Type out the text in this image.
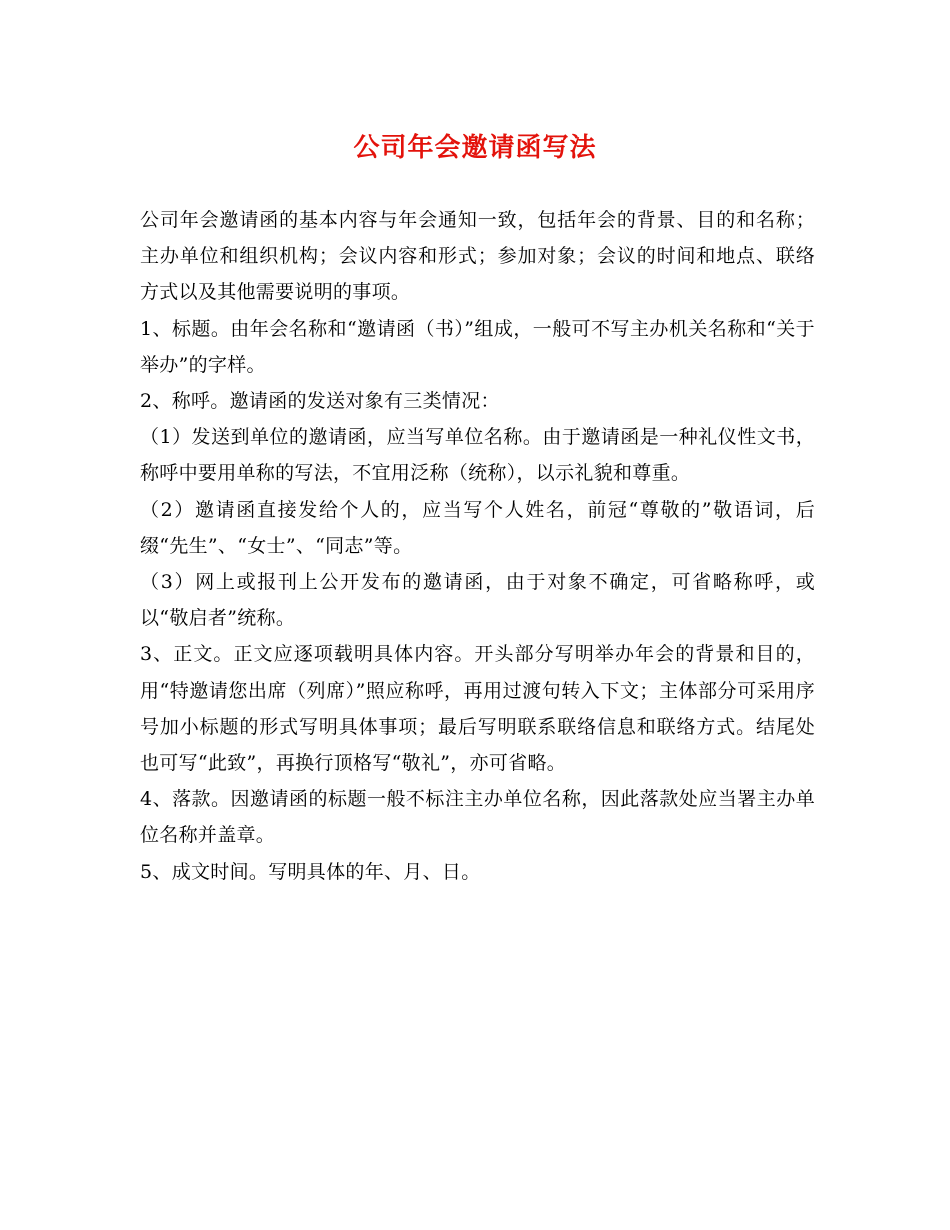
公司年会邀请函写法

公司年会邀请函的基本内容与年会通知一致，包括年会的背景、目的和名称；主办单位和组织机构；会议内容和形式；参加对象；会议的时间和地点、联络方式以及其他需要说明的事项。

1、标题。由年会名称和“邀请函（书）”组成，一般可不写主办机关名称和“关于举办”的字样。

2、称呼。邀请函的发送对象有三类情况：

（1）发送到单位的邀请函，应当写单位名称。由于邀请函是一种礼仪性文书，称呼中要用单称的写法，不宜用泛称（统称），以示礼貌和尊重。

（2）邀请函直接发给个人的，应当写个人姓名，前冠“尊敬的”敬语词，后缀“先生”、“女士”、“同志”等。

（3）网上或报刊上公开发布的邀请函，由于对象不确定，可省略称呼，或以“敬启者”统称。

3、正文。正文应逐项载明具体内容。开头部分写明举办年会的背景和目的，用“特邀请您出席（列席）”照应称呼，再用过渡句转入下文；主体部分可采用序号加小标题的形式写明具体事项；最后写明联系联络信息和联络方式。结尾处也可写“此致”，再换行顶格写“敬礼”，亦可省略。

4、落款。因邀请函的标题一般不标注主办单位名称，因此落款处应当署主办单位名称并盖章。

5、成文时间。写明具体的年、月、日。
